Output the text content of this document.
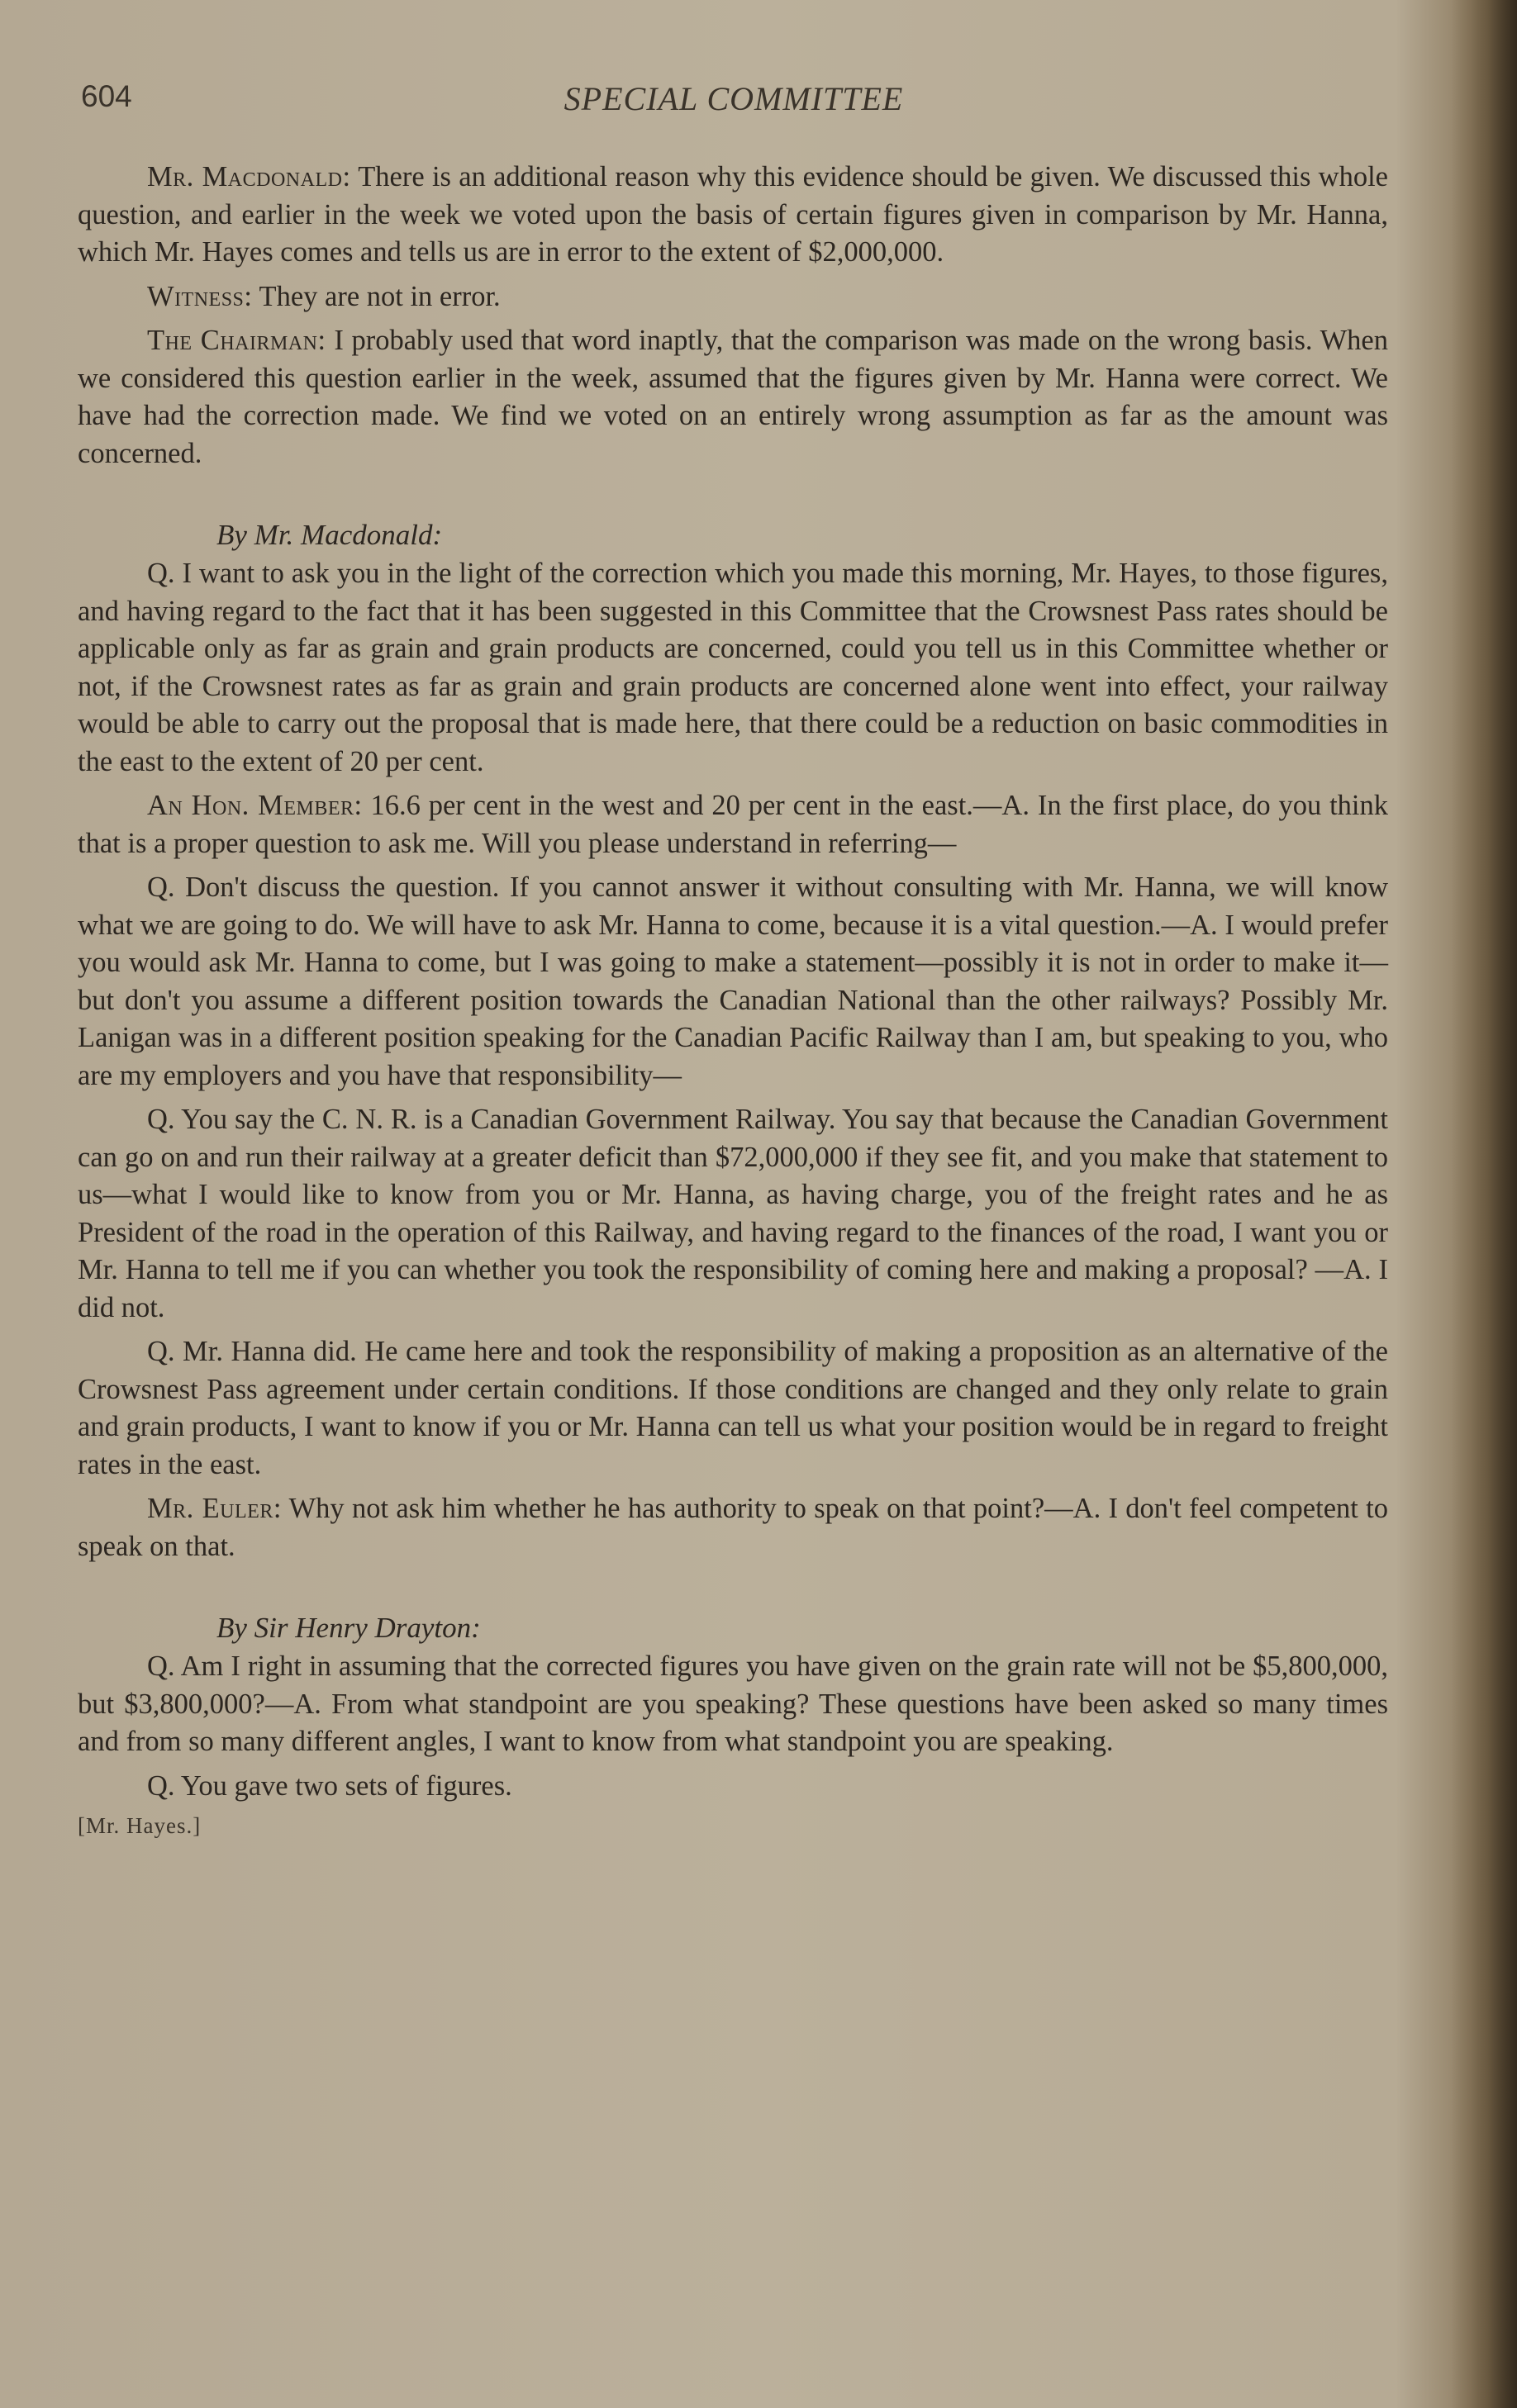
604	SPECIAL COMMITTEE

Mr. Macdonald: There is an additional reason why this evidence should be given. We discussed this whole question, and earlier in the week we voted upon the basis of certain figures given in comparison by Mr. Hanna, which Mr. Hayes comes and tells us are in error to the extent of $2,000,000.

Witness: They are not in error.

The Chairman: I probably used that word inaptly, that the comparison was made on the wrong basis. When we considered this question earlier in the week, assumed that the figures given by Mr. Hanna were correct. We have had the correction made. We find we voted on an entirely wrong assumption as far as the amount was concerned.

By Mr. Macdonald:

Q. I want to ask you in the light of the correction which you made this morning, Mr. Hayes, to those figures, and having regard to the fact that it has been suggested in this Committee that the Crowsnest Pass rates should be applicable only as far as grain and grain products are concerned, could you tell us in this Committee whether or not, if the Crowsnest rates as far as grain and grain products are concerned alone went into effect, your railway would be able to carry out the proposal that is made here, that there could be a reduction on basic commodities in the east to the extent of 20 per cent.

An Hon. Member: 16.6 per cent in the west and 20 per cent in the east.—A. In the first place, do you think that is a proper question to ask me. Will you please understand in referring—

Q. Don't discuss the question. If you cannot answer it without consulting with Mr. Hanna, we will know what we are going to do. We will have to ask Mr. Hanna to come, because it is a vital question.—A. I would prefer you would ask Mr. Hanna to come, but I was going to make a statement—possibly it is not in order to make it—but don't you assume a different position towards the Canadian National than the other railways? Possibly Mr. Lanigan was in a different position speaking for the Canadian Pacific Railway than I am, but speaking to you, who are my employers and you have that responsibility—

Q. You say the C. N. R. is a Canadian Government Railway. You say that because the Canadian Government can go on and run their railway at a greater deficit than $72,000,000 if they see fit, and you make that statement to us—what I would like to know from you or Mr. Hanna, as having charge, you of the freight rates and he as President of the road in the operation of this Railway, and having regard to the finances of the road, I want you or Mr. Hanna to tell me if you can whether you took the responsibility of coming here and making a proposal? —A. I did not.

Q. Mr. Hanna did. He came here and took the responsibility of making a proposition as an alternative of the Crowsnest Pass agreement under certain conditions. If those conditions are changed and they only relate to grain and grain products, I want to know if you or Mr. Hanna can tell us what your position would be in regard to freight rates in the east.

Mr. Euler: Why not ask him whether he has authority to speak on that point?—A. I don't feel competent to speak on that.

By Sir Henry Drayton:

Q. Am I right in assuming that the corrected figures you have given on the grain rate will not be $5,800,000, but $3,800,000?—A. From what standpoint are you speaking? These questions have been asked so many times and from so many different angles, I want to know from what standpoint you are speaking.

Q. You gave two sets of figures.

[Mr. Hayes.]
